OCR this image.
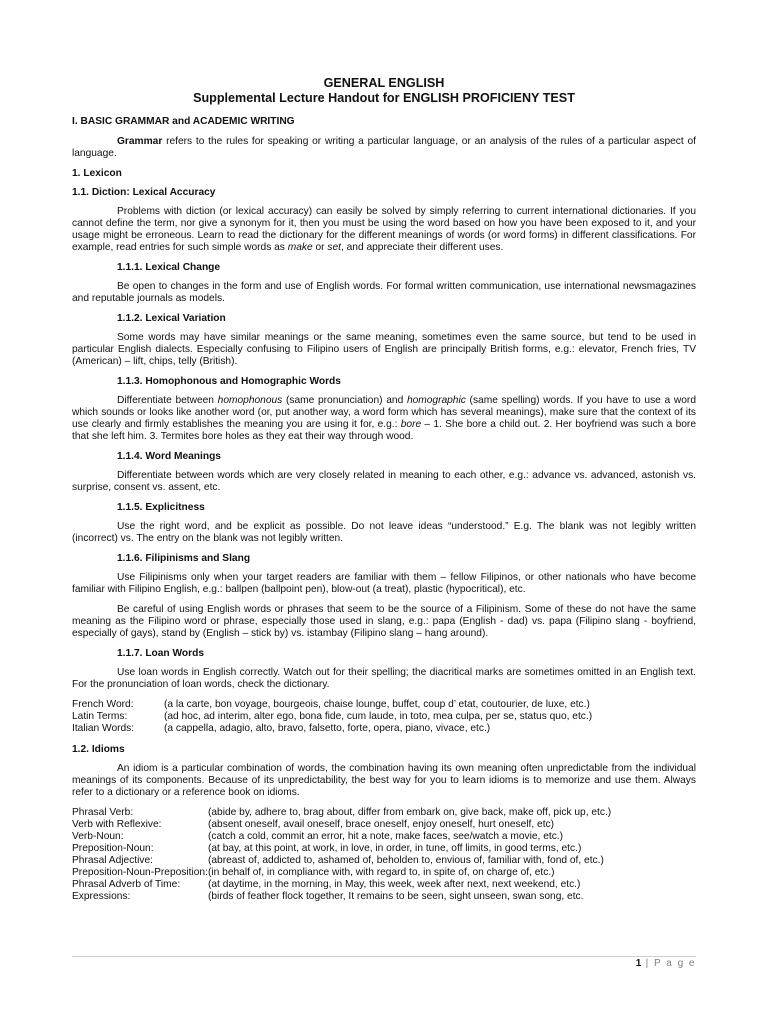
GENERAL ENGLISH
Supplemental Lecture Handout for ENGLISH PROFICIENY TEST
I. BASIC GRAMMAR and ACADEMIC WRITING
Grammar refers to the rules for speaking or writing a particular language, or an analysis of the rules of a particular aspect of language.
1. Lexicon
1.1. Diction: Lexical Accuracy
Problems with diction (or lexical accuracy) can easily be solved by simply referring to current international dictionaries. If you cannot define the term, nor give a synonym for it, then you must be using the word based on how you have been exposed to it, and your usage might be erroneous. Learn to read the dictionary for the different meanings of words (or word forms) in different classifications. For example, read entries for such simple words as make or set, and appreciate their different uses.
1.1.1. Lexical Change
Be open to changes in the form and use of English words. For formal written communication, use international newsmagazines and reputable journals as models.
1.1.2. Lexical Variation
Some words may have similar meanings or the same meaning, sometimes even the same source, but tend to be used in particular English dialects. Especially confusing to Filipino users of English are principally British forms, e.g.: elevator, French fries, TV (American) – lift, chips, telly (British).
1.1.3. Homophonous and Homographic Words
Differentiate between homophonous (same pronunciation) and homographic (same spelling) words. If you have to use a word which sounds or looks like another word (or, put another way, a word form which has several meanings), make sure that the context of its use clearly and firmly establishes the meaning you are using it for, e.g.: bore – 1. She bore a child out. 2. Her boyfriend was such a bore that she left him. 3. Termites bore holes as they eat their way through wood.
1.1.4. Word Meanings
Differentiate between words which are very closely related in meaning to each other, e.g.: advance vs. advanced, astonish vs. surprise, consent vs. assent, etc.
1.1.5. Explicitness
Use the right word, and be explicit as possible. Do not leave ideas “understood.” E.g. The blank was not legibly written (incorrect) vs. The entry on the blank was not legibly written.
1.1.6. Filipinisms and Slang
Use Filipinisms only when your target readers are familiar with them – fellow Filipinos, or other nationals who have become familiar with Filipino English, e.g.: ballpen (ballpoint pen), blow-out (a treat), plastic (hypocritical), etc.
Be careful of using English words or phrases that seem to be the source of a Filipinism. Some of these do not have the same meaning as the Filipino word or phrase, especially those used in slang, e.g.: papa (English - dad) vs. papa (Filipino slang - boyfriend, especially of gays), stand by (English – stick by) vs. istambay (Filipino slang – hang around).
1.1.7. Loan Words
Use loan words in English correctly. Watch out for their spelling; the diacritical marks are sometimes omitted in an English text. For the pronunciation of loan words, check the dictionary.
French Word:	(a la carte, bon voyage, bourgeois, chaise lounge, buffet, coup d’ etat, coutourier, de luxe, etc.)
Latin Terms:	(ad hoc, ad interim, alter ego, bona fide, cum laude, in toto, mea culpa, per se, status quo, etc.)
Italian Words:	(a cappella, adagio, alto, bravo, falsetto, forte, opera, piano, vivace, etc.)
1.2. Idioms
An idiom is a particular combination of words, the combination having its own meaning often unpredictable from the individual meanings of its components. Because of its unpredictability, the best way for you to learn idioms is to memorize and use them. Always refer to a dictionary or a reference book on idioms.
Phrasal Verb:	(abide by, adhere to, brag about, differ from embark on, give back, make off, pick up, etc.)
Verb with Reflexive:	(absent oneself, avail oneself, brace oneself, enjoy oneself, hurt oneself, etc)
Verb-Noun:	(catch a cold, commit an error, hit a note, make faces, see/watch a movie, etc.)
Preposition-Noun:	(at bay, at this point, at work, in love, in order, in tune, off limits, in good terms, etc.)
Phrasal Adjective:	(abreast of, addicted to, ashamed of, beholden to, envious of, familiar with, fond of, etc.)
Preposition-Noun-Preposition: (in behalf of, in compliance with, with regard to, in spite of, on charge of, etc.)
Phrasal Adverb of Time:	(at daytime, in the morning, in May, this week, week after next, next weekend, etc.)
Expressions:	(birds of feather flock together, It remains to be seen, sight unseen, swan song, etc.
1 | P a g e
